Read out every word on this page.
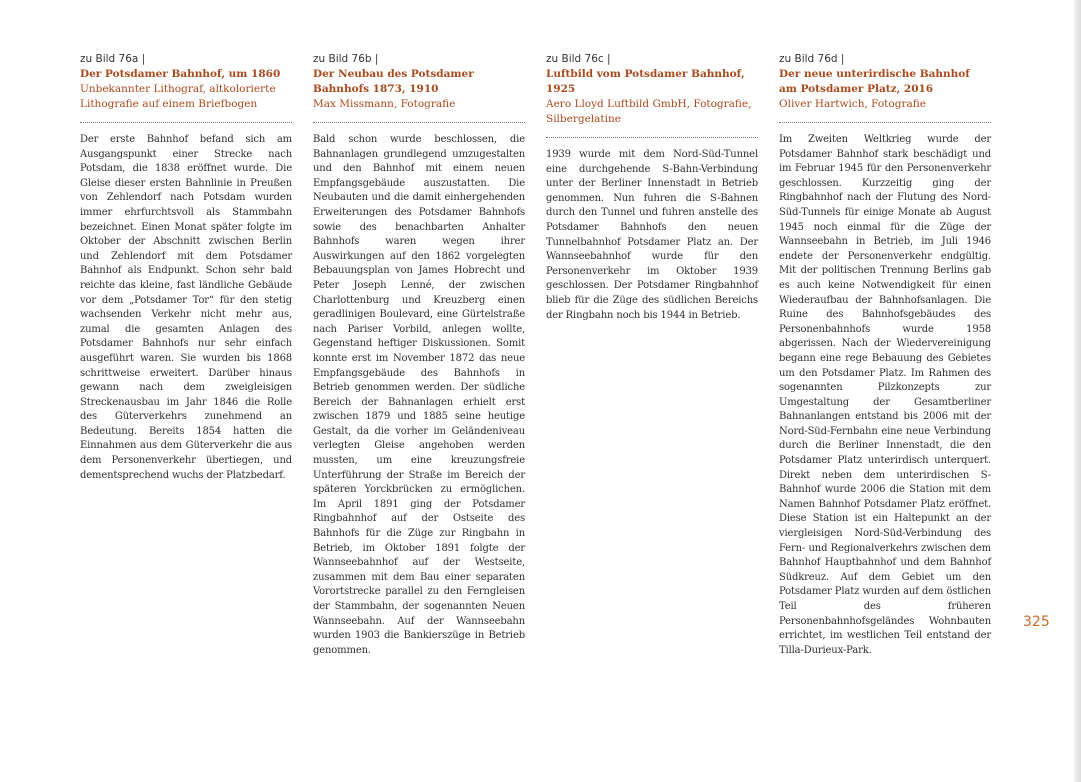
zu Bild 76a |
Der Potsdamer Bahnhof, um 1860
Unbekannter Lithograf, altkolorierte Lithografie auf einem Briefbogen
Der erste Bahnhof befand sich am Ausgangspunkt einer Strecke nach Potsdam, die 1838 eröffnet wurde. Die Gleise dieser ersten Bahnlinie in Preußen von Zehlendorf nach Potsdam wurden immer ehrfurchtsvoll als Stammbahn bezeichnet. Einen Monat später folgte im Oktober der Abschnitt zwischen Berlin und Zehlendorf mit dem Potsdamer Bahnhof als Endpunkt. Schon sehr bald reichte das kleine, fast ländliche Gebäude vor dem „Potsdamer Tor“ für den stetig wachsenden Verkehr nicht mehr aus, zumal die gesamten Anlagen des Potsdamer Bahnhofs nur sehr einfach ausgeführt waren. Sie wurden bis 1868 schrittweise erweitert. Darüber hinaus gewann nach dem zweigleisigen Streckenausbau im Jahr 1846 die Rolle des Güterverkehrs zunehmend an Bedeutung. Bereits 1854 hatten die Einnahmen aus dem Güterverkehr die aus dem Personenverkehr übertiegen, und dementsprechend wuchs der Platzbedarf.
zu Bild 76b |
Der Neubau des Potsdamer Bahnhofs 1873, 1910
Max Missmann, Fotografie
Bald schon wurde beschlossen, die Bahnanlagen grundlegend umzugestalten und den Bahnhof mit einem neuen Empfangsgebäude auszustatten. Die Neubauten und die damit einhergehenden Erweiterungen des Potsdamer Bahnhofs sowie des benachbarten Anhalter Bahnhofs waren wegen ihrer Auswirkungen auf den 1862 vorgelegten Bebauungsplan von James Hobrecht und Peter Joseph Lenné, der zwischen Charlottenburg und Kreuzberg einen geradlinigen Boulevard, eine Gürtelstraße nach Pariser Vorbild, anlegen wollte, Gegenstand heftiger Diskussionen. Somit konnte erst im November 1872 das neue Empfangsgebäude des Bahnhofs in Betrieb genommen werden. Der südliche Bereich der Bahnanlagen erhielt erst zwischen 1879 und 1885 seine heutige Gestalt, da die vorher im Geländeniveau verlegten Gleise angehoben werden mussten, um eine kreuzungsfreie Unterführung der Straße im Bereich der späteren Yorckbrücken zu ermöglichen. Im April 1891 ging der Potsdamer Ringbahnhof auf der Ostseite des Bahnhofs für die Züge zur Ringbahn in Betrieb, im Oktober 1891 folgte der Wannseebahnhof auf der Westseite, zusammen mit dem Bau einer separaten Vorortstrecke parallel zu den Ferngleisen der Stammbahn, der sogenannten Neuen Wannseebahn. Auf der Wannseebahn wurden 1903 die Bankierszüge in Betrieb genommen.
zu Bild 76c |
Luftbild vom Potsdamer Bahnhof, 1925
Aero Lloyd Luftbild GmbH, Fotografie, Silbergelatine
1939 wurde mit dem Nord-Süd-Tunnel eine durchgehende S-Bahn-Verbindung unter der Berliner Innenstadt in Betrieb genommen. Nun fuhren die S-Bahnen durch den Tunnel und fuhren anstelle des Potsdamer Bahnhofs den neuen Tunnelbahnhof Potsdamer Platz an. Der Wannseebahnhof wurde für den Personenverkehr im Oktober 1939 geschlossen. Der Potsdamer Ringbahnhof blieb für die Züge des südlichen Bereichs der Ringbahn noch bis 1944 in Betrieb.
zu Bild 76d |
Der neue unterirdische Bahnhof am Potsdamer Platz, 2016
Oliver Hartwich, Fotografie
Im Zweiten Weltkrieg wurde der Potsdamer Bahnhof stark beschädigt und im Februar 1945 für den Personenverkehr geschlossen. Kurzzeitig ging der Ringbahnhof nach der Flutung des Nord-Süd-Tunnels für einige Monate ab August 1945 noch einmal für die Züge der Wannseebahn in Betrieb, im Juli 1946 endete der Personenverkehr endgültig. Mit der politischen Trennung Berlins gab es auch keine Notwendigkeit für einen Wiederaufbau der Bahnhofsanlagen. Die Ruine des Bahnhofsgebäudes des Personenbahnhofs wurde 1958 abgerissen. Nach der Wiedervereinigung begann eine rege Bebauung des Gebietes um den Potsdamer Platz. Im Rahmen des sogenannten Pilzkonzepts zur Umgestaltung der Gesamtberliner Bahnanlangen entstand bis 2006 mit der Nord-Süd-Fernbahn eine neue Verbindung durch die Berliner Innenstadt, die den Potsdamer Platz unterirdisch unterquert. Direkt neben dem unterirdischen S-Bahnhof wurde 2006 die Station mit dem Namen Bahnhof Potsdamer Platz eröffnet. Diese Station ist ein Haltepunkt an der viergleisigen Nord-Süd-Verbindung des Fern- und Regionalverkehrs zwischen dem Bahnhof Hauptbahnhof und dem Bahnhof Südkreuz. Auf dem Gebiet um den Potsdamer Platz wurden auf dem östlichen Teil des früheren Personenbahnhofsgeländes Wohnbauten errichtet, im westlichen Teil entstand der Tilla-Durieux-Park.
325
